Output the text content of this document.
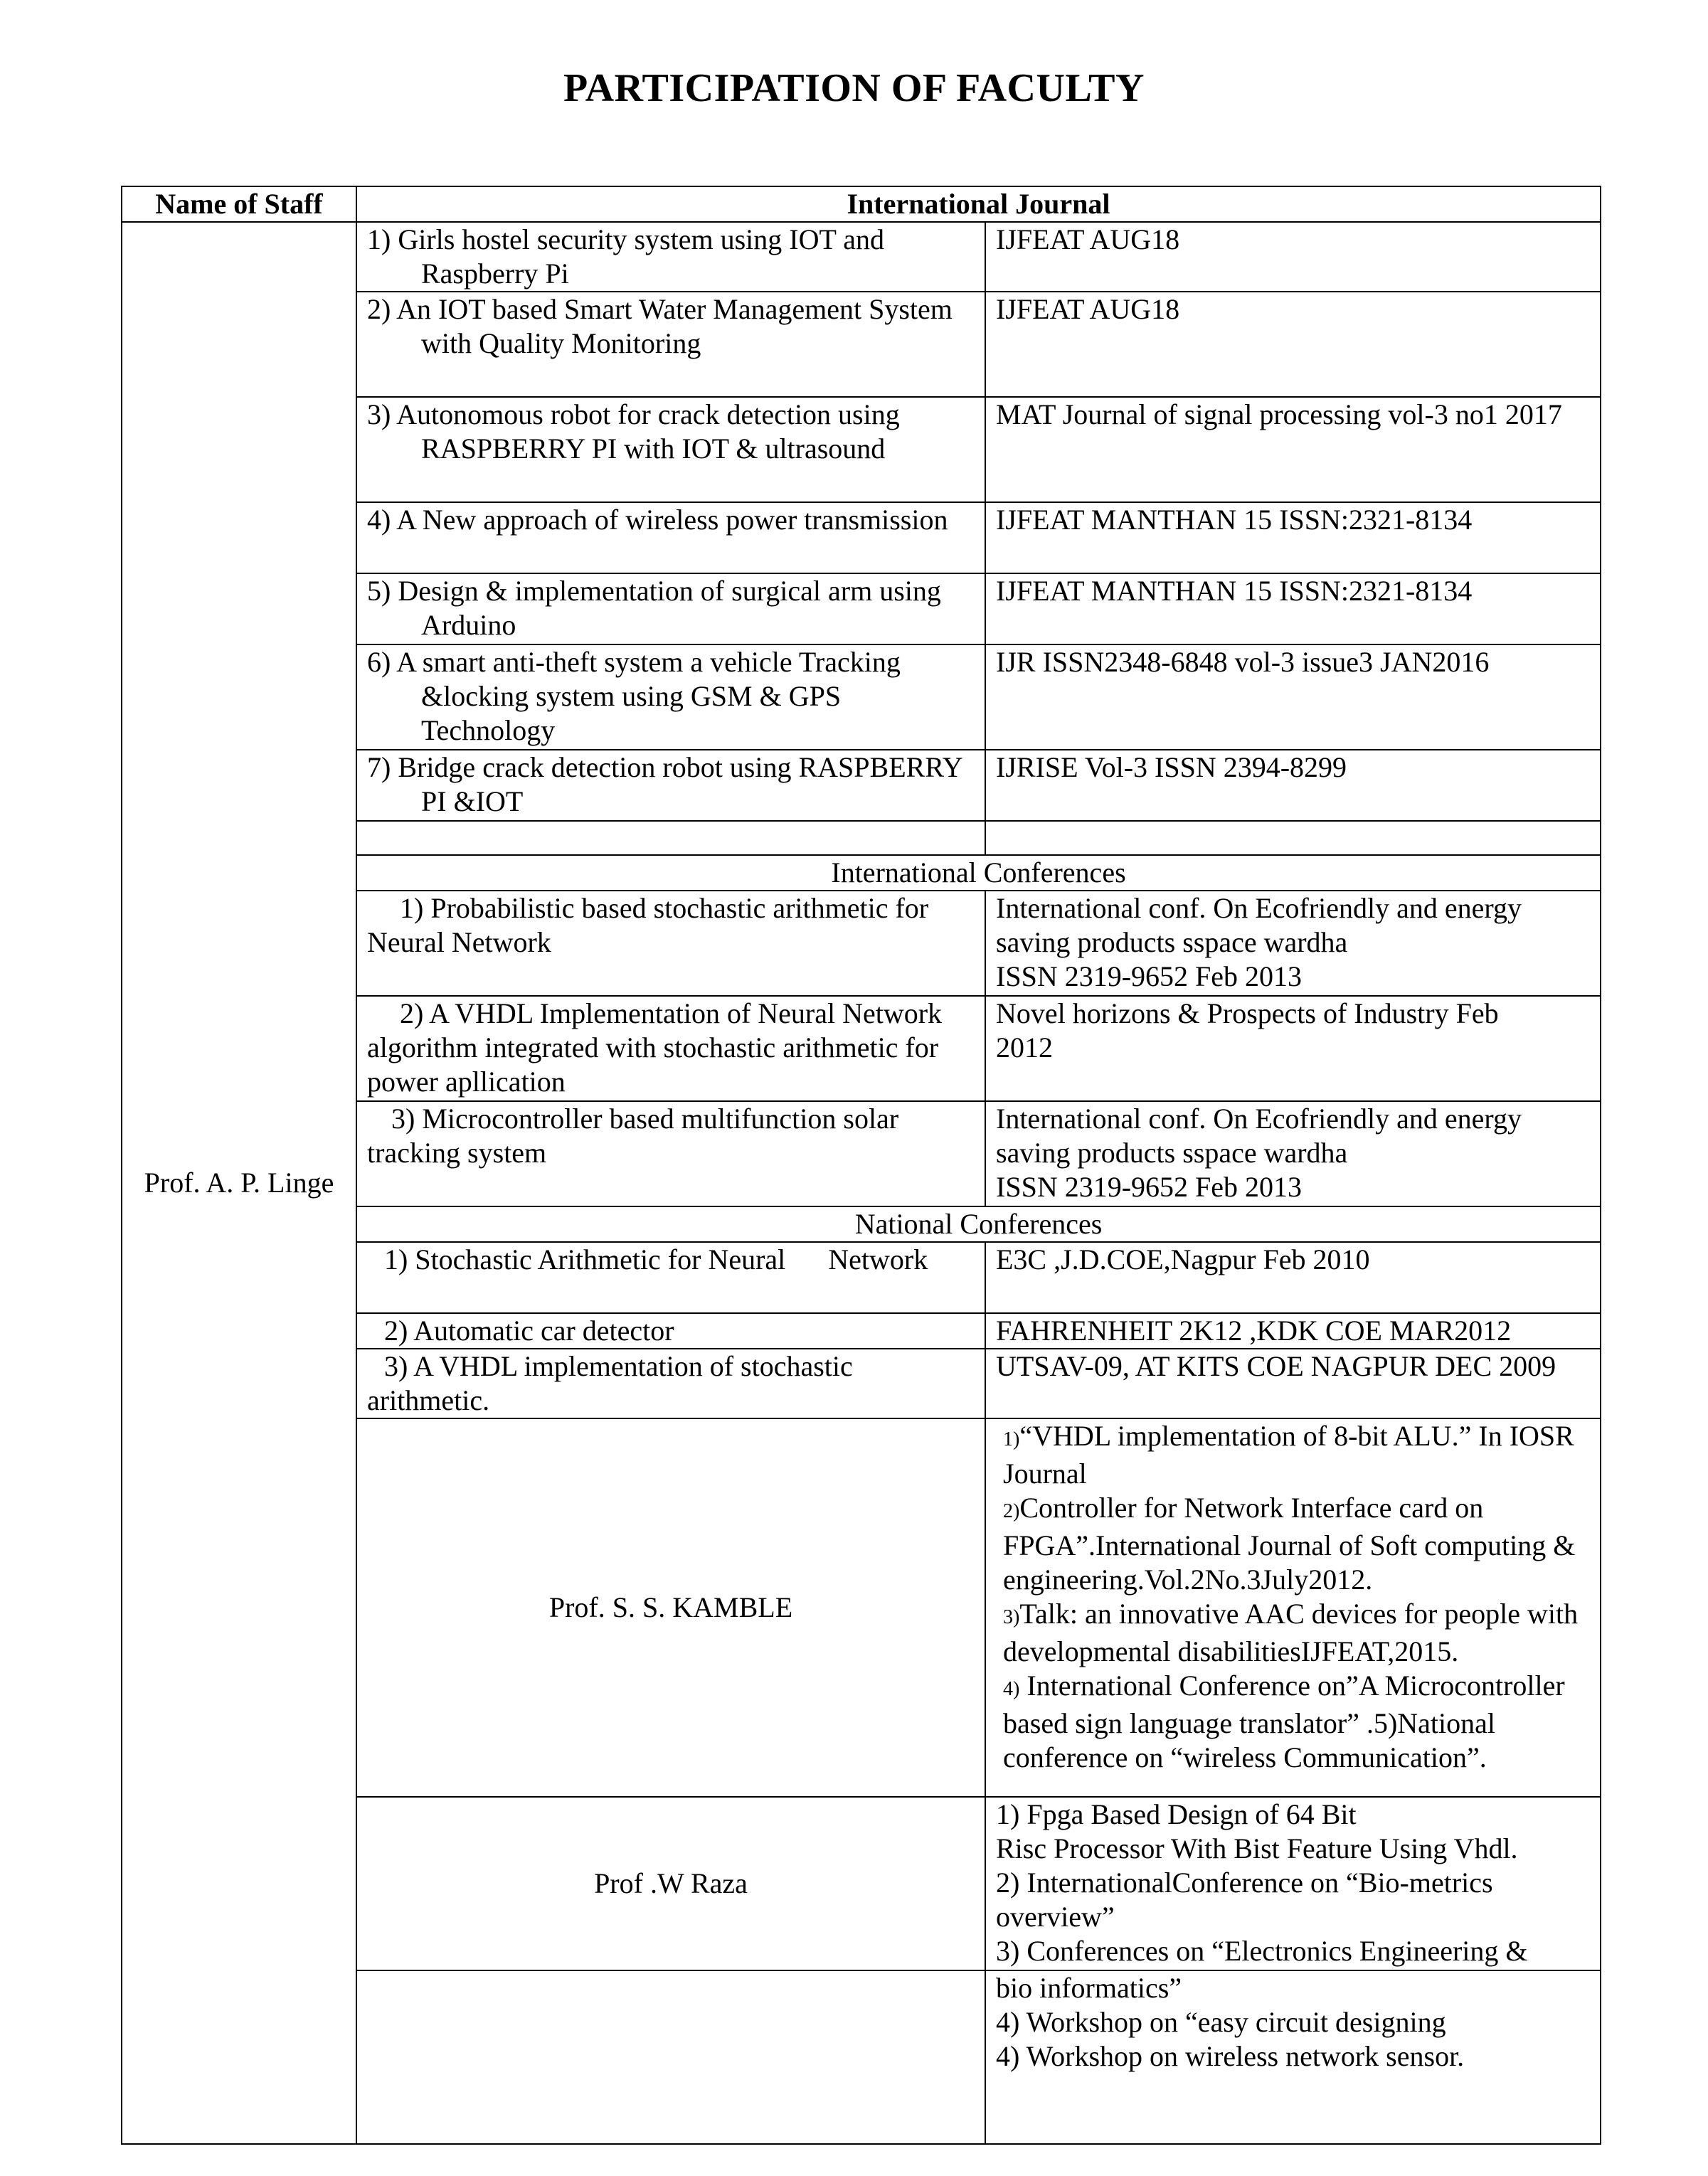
PARTICIPATION OF FACULTY
Name of Staff	International Journal		
Prof. A. P. Linge	1) Girls hostel security system using IOT and Raspberry Pi	IJFEAT AUG18	

	2) An IOT based Smart Water Management System with Quality Monitoring	IJFEAT AUG18	

	3) Autonomous robot for crack detection using RASPBERRY PI with IOT & ultrasound	MAT Journal of signal processing vol-3 no1 2017	

	4) A New approach of wireless power transmission	IJFEAT MANTHAN 15 ISSN:2321-8134	

	5) Design & implementation of surgical arm using Arduino	IJFEAT MANTHAN 15 ISSN:2321-8134	

	6) A smart anti-theft system a vehicle Tracking &locking system using GSM & GPS Technology	IJR ISSN2348-6848 vol-3 issue3 JAN2016	

	7) Bridge crack detection robot using RASPBERRY PI &IOT	IJRISE Vol-3 ISSN 2394-8299	

	International Conferences		
	1) Probabilistic based stochastic arithmetic for Neural Network	International conf. On Ecofriendly and energy
saving products sspace wardha
ISSN 2319-9652 Feb 2013	

	2) A VHDL Implementation of Neural Network algorithm integrated with stochastic arithmetic for power apllication	Novel horizons & Prospects of Industry Feb
2012	

	3) Microcontroller based multifunction solar tracking system	International conf. On Ecofriendly and energy
saving products sspace wardha
ISSN 2319-9652 Feb 2013	

	National Conferences		
	1) Stochastic Arithmetic for Neural      Network	E3C ,J.D.COE,Nagpur Feb 2010	
	2) Automatic car detector	FAHRENHEIT 2K12 ,KDK COE MAR2012	
	3) A VHDL implementation of stochastic arithmetic.	UTSAV-09, AT KITS COE NAGPUR DEC 2009	
	Prof. S. S. KAMBLE	1)“VHDL implementation of 8-bit ALU.” In IOSR Journal
2)Controller for Network Interface card on FPGA”.International Journal of Soft computing & engineering.Vol.2No.3July2012.
3)Talk: an innovative AAC devices for people with developmental disabilitiesIJFEAT,2015.
4) International Conference on”A Microcontroller based sign language translator” .5)National conference on “wireless Communication”.	

	Prof .W Raza	1) Fpga Based Design of 64 Bit
Risc Processor With Bist Feature Using Vhdl.
2) InternationalConference on “Bio-metrics overview”
3) Conferences on “Electronics Engineering &	

		bio informatics”
4) Workshop on “easy circuit designing
4) Workshop on wireless network sensor.	
